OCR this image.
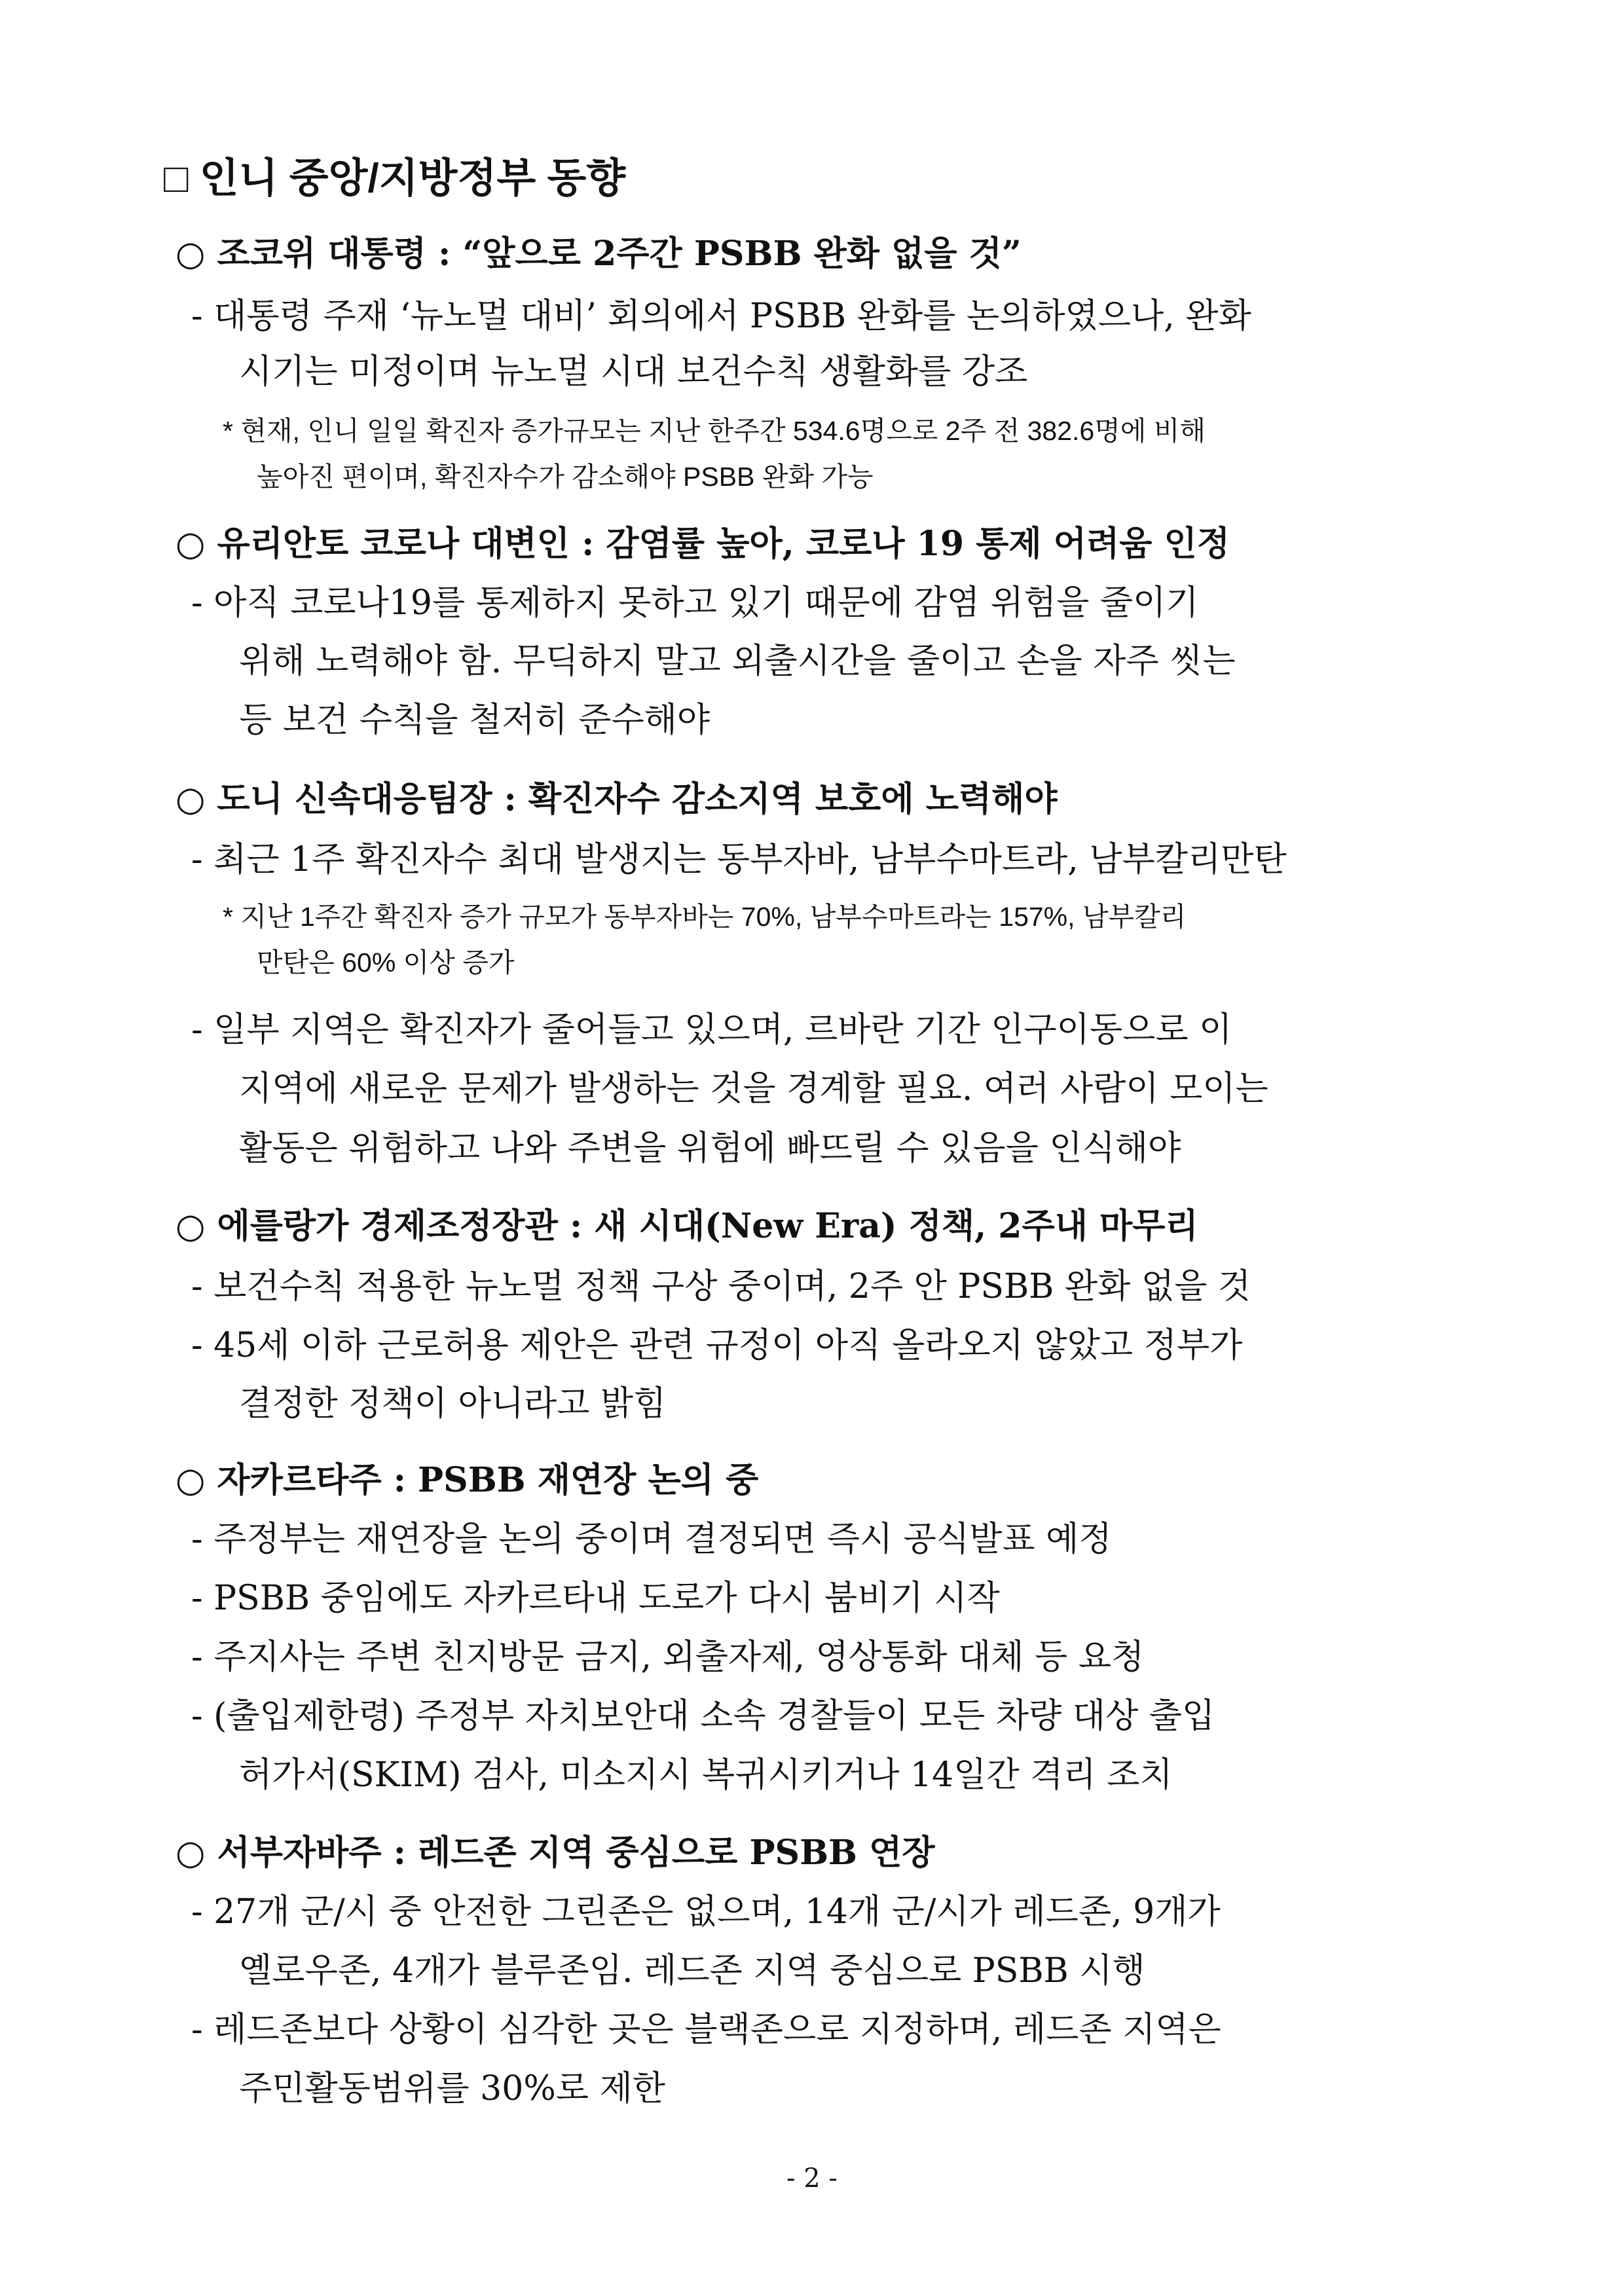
□ 인니 중앙/지방정부 동향
○ 조코위 대통령 : “앞으로 2주간 PSBB 완화 없을 것”
- 대통령 주재 ‘뉴노멀 대비’ 회의에서 PSBB 완화를 논의하였으나, 완화
시기는 미정이며 뉴노멀 시대 보건수칙 생활화를 강조
* 현재, 인니 일일 확진자 증가규모는 지난 한주간 534.6명으로 2주 전 382.6명에 비해
높아진 편이며, 확진자수가 감소해야 PSBB 완화 가능
○ 유리안토 코로나 대변인 : 감염률 높아, 코로나 19 통제 어려움 인정
- 아직 코로나19를 통제하지 못하고 있기 때문에 감염 위험을 줄이기
위해 노력해야 함. 무딕하지 말고 외출시간을 줄이고 손을 자주 씻는
등 보건 수칙을 철저히 준수해야
○ 도니 신속대응팀장 : 확진자수 감소지역 보호에 노력해야
- 최근 1주 확진자수 최대 발생지는 동부자바, 남부수마트라, 남부칼리만탄
* 지난 1주간 확진자 증가 규모가 동부자바는 70%, 남부수마트라는 157%, 남부칼리
만탄은 60% 이상 증가
- 일부 지역은 확진자가 줄어들고 있으며, 르바란 기간 인구이동으로 이
지역에 새로운 문제가 발생하는 것을 경계할 필요. 여러 사람이 모이는
활동은 위험하고 나와 주변을 위험에 빠뜨릴 수 있음을 인식해야
○ 에를랑가 경제조정장관 : 새 시대(New Era) 정책, 2주내 마무리
- 보건수칙 적용한 뉴노멀 정책 구상 중이며, 2주 안 PSBB 완화 없을 것
- 45세 이하 근로허용 제안은 관련 규정이 아직 올라오지 않았고 정부가
결정한 정책이 아니라고 밝힘
○ 자카르타주 : PSBB 재연장 논의 중
- 주정부는 재연장을 논의 중이며 결정되면 즉시 공식발표 예정
- PSBB 중임에도 자카르타내 도로가 다시 붐비기 시작
- 주지사는 주변 친지방문 금지, 외출자제, 영상통화 대체 등 요청
- (출입제한령) 주정부 자치보안대 소속 경찰들이 모든 차량 대상 출입
허가서(SKIM) 검사, 미소지시 복귀시키거나 14일간 격리 조치
○ 서부자바주 : 레드존 지역 중심으로 PSBB 연장
- 27개 군/시 중 안전한 그린존은 없으며, 14개 군/시가 레드존, 9개가
옐로우존, 4개가 블루존임. 레드존 지역 중심으로 PSBB 시행
- 레드존보다 상황이 심각한 곳은 블랙존으로 지정하며, 레드존 지역은
주민활동범위를 30%로 제한
- 2 -
